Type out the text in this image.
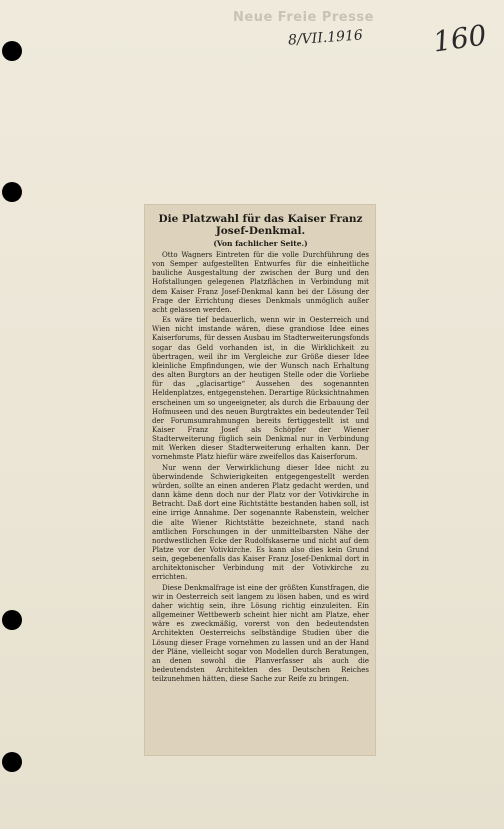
Neue Freie Presse
8/VII.1916 160
Die Platzwahl für das Kaiser Franz Josef-Denkmal.
(Von fachlicher Seite.)

Otto Wagners Eintreten für die volle Durchführung des von Semper aufgestellten Entwurfes für die einheitliche bauliche Ausgestaltung der zwischen der Burg und den Hofstallungen gelegenen Platzflächen in Verbindung mit dem Kaiser Franz Josef-Denkmal kann bei der Lösung der Frage der Errichtung dieses Denkmals unmöglich außer acht gelassen werden.

Es wäre tief bedauerlich, wenn wir in Oesterreich und Wien nicht imstande wären, diese grandiose Idee eines Kaiserforums, für dessen Ausbau im Stadterweiterungsfonds sogar das Geld vorhanden ist, in die Wirklichkeit zu übertragen, weil ihr im Vergleiche zur Größe dieser Idee kleinliche Empfindungen, wie der Wunsch nach Erhaltung des alten Burgtors an der heutigen Stelle oder die Vorliebe für das „glacisartige“ Aussehen des sogenannten Heldenplatzes, entgegenstehen. Derartige Rücksichtnahmen erscheinen um so ungeeigneter, als durch die Erbauung der Hofmuseen und des neuen Burgtraktes ein bedeutender Teil der Forumsumrahmungen bereits fertiggestellt ist und Kaiser Franz Josef als Schöpfer der Wiener Stadterweiterung füglich sein Denkmal nur in Verbindung mit Werken dieser Stadterweiterung erhalten kann. Der vornehmste Platz hiefür wäre zweifellos das Kaiserforum.

Nur wenn der Verwirklichung dieser Idee nicht zu überwindende Schwierigkeiten entgegengestellt werden würden, sollte an einen anderen Platz gedacht werden, und dann käme denn doch nur der Platz vor der Votivkirche in Betracht. Daß dort eine Richtstätte bestanden haben soll, ist eine irrige Annahme. Der sogenannte Rabenstein, welcher die alte Wiener Richtstätte bezeichnete, stand nach amtlichen Forschungen in der unmittelbarsten Nähe der nordwestlichen Ecke der Rudolfskaserne und nicht auf dem Platze vor der Votivkirche. Es kann also dies kein Grund sein, gegebenenfalls das Kaiser Franz Josef-Denkmal dort in architektonischer Verbindung mit der Votivkirche zu errichten.

Diese Denkmalfrage ist eine der größten Kunstfragen, die wir in Oesterreich seit langem zu lösen haben, und es wird daher wichtig sein, ihre Lösung richtig einzuleiten. Ein allgemeiner Wettbewerb scheint hier nicht am Platze, eher wäre es zweckmäßig, vorerst von den bedeutendsten Architekten Oesterreichs selbständige Studien über die Lösung dieser Frage vornehmen zu lassen und an der Hand der Pläne, vielleicht sogar von Modellen durch Beratungen, an denen sowohl die Planverfasser als auch die bedeutendsten Architekten des Deutschen Reiches teilzunehmen hätten, diese Sache zur Reife zu bringen.
